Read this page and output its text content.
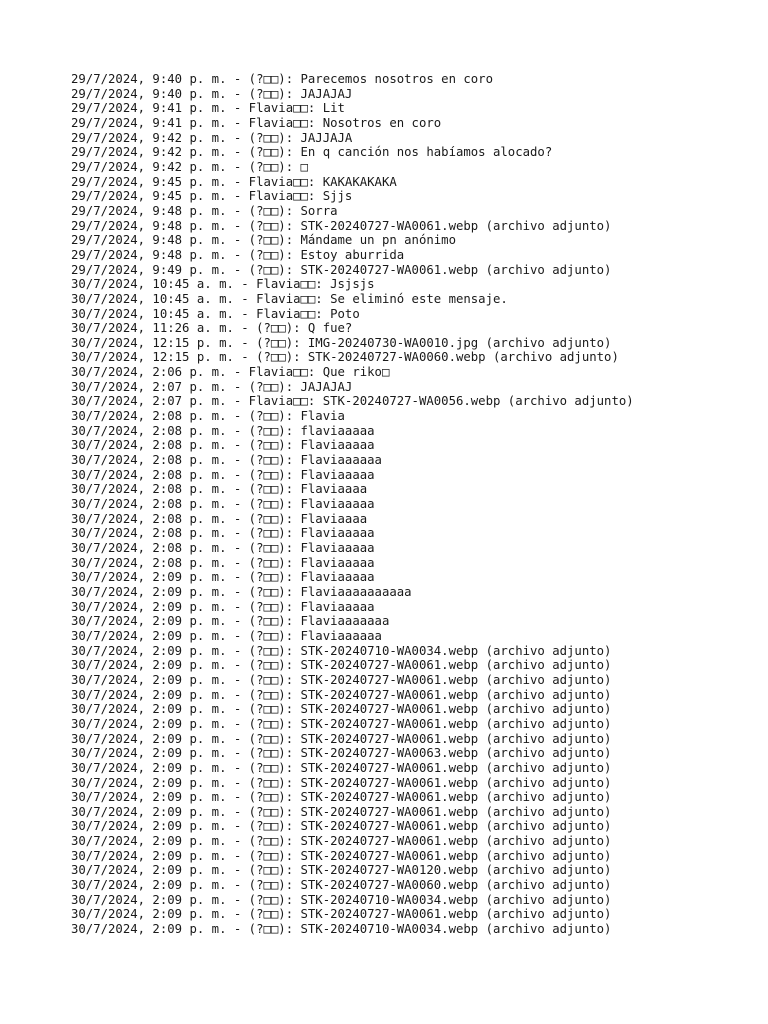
29/7/2024, 9:40 p. m. - (?□□): Parecemos nosotros en coro
29/7/2024, 9:40 p. m. - (?□□): JAJAJAJ
29/7/2024, 9:41 p. m. - Flavia□□: Lit
29/7/2024, 9:41 p. m. - Flavia□□: Nosotros en coro
29/7/2024, 9:42 p. m. - (?□□): JAJJAJA
29/7/2024, 9:42 p. m. - (?□□): En q canción nos habíamos alocado?
29/7/2024, 9:42 p. m. - (?□□): □
29/7/2024, 9:45 p. m. - Flavia□□: KAKAKAKAKA
29/7/2024, 9:45 p. m. - Flavia□□: Sjjs
29/7/2024, 9:48 p. m. - (?□□): Sorra
29/7/2024, 9:48 p. m. - (?□□): STK-20240727-WA0061.webp (archivo adjunto)
29/7/2024, 9:48 p. m. - (?□□): Mándame un pn anónimo
29/7/2024, 9:48 p. m. - (?□□): Estoy aburrida
29/7/2024, 9:49 p. m. - (?□□): STK-20240727-WA0061.webp (archivo adjunto)
30/7/2024, 10:45 a. m. - Flavia□□: Jsjsjs
30/7/2024, 10:45 a. m. - Flavia□□: Se eliminó este mensaje.
30/7/2024, 10:45 a. m. - Flavia□□: Poto
30/7/2024, 11:26 a. m. - (?□□): Q fue?
30/7/2024, 12:15 p. m. - (?□□): IMG-20240730-WA0010.jpg (archivo adjunto)
30/7/2024, 12:15 p. m. - (?□□): STK-20240727-WA0060.webp (archivo adjunto)
30/7/2024, 2:06 p. m. - Flavia□□: Que riko□
30/7/2024, 2:07 p. m. - (?□□): JAJAJAJ
30/7/2024, 2:07 p. m. - Flavia□□: STK-20240727-WA0056.webp (archivo adjunto)
30/7/2024, 2:08 p. m. - (?□□): Flavia
30/7/2024, 2:08 p. m. - (?□□): flaviaaaaa
30/7/2024, 2:08 p. m. - (?□□): Flaviaaaaa
30/7/2024, 2:08 p. m. - (?□□): Flaviaaaaaa
30/7/2024, 2:08 p. m. - (?□□): Flaviaaaaa
30/7/2024, 2:08 p. m. - (?□□): Flaviaaaa
30/7/2024, 2:08 p. m. - (?□□): Flaviaaaaa
30/7/2024, 2:08 p. m. - (?□□): Flaviaaaa
30/7/2024, 2:08 p. m. - (?□□): Flaviaaaaa
30/7/2024, 2:08 p. m. - (?□□): Flaviaaaaa
30/7/2024, 2:08 p. m. - (?□□): Flaviaaaaa
30/7/2024, 2:09 p. m. - (?□□): Flaviaaaaa
30/7/2024, 2:09 p. m. - (?□□): Flaviaaaaaaaaaa
30/7/2024, 2:09 p. m. - (?□□): Flaviaaaaa
30/7/2024, 2:09 p. m. - (?□□): Flaviaaaaaaa
30/7/2024, 2:09 p. m. - (?□□): Flaviaaaaaa
30/7/2024, 2:09 p. m. - (?□□): STK-20240710-WA0034.webp (archivo adjunto)
30/7/2024, 2:09 p. m. - (?□□): STK-20240727-WA0061.webp (archivo adjunto)
30/7/2024, 2:09 p. m. - (?□□): STK-20240727-WA0061.webp (archivo adjunto)
30/7/2024, 2:09 p. m. - (?□□): STK-20240727-WA0061.webp (archivo adjunto)
30/7/2024, 2:09 p. m. - (?□□): STK-20240727-WA0061.webp (archivo adjunto)
30/7/2024, 2:09 p. m. - (?□□): STK-20240727-WA0061.webp (archivo adjunto)
30/7/2024, 2:09 p. m. - (?□□): STK-20240727-WA0061.webp (archivo adjunto)
30/7/2024, 2:09 p. m. - (?□□): STK-20240727-WA0063.webp (archivo adjunto)
30/7/2024, 2:09 p. m. - (?□□): STK-20240727-WA0061.webp (archivo adjunto)
30/7/2024, 2:09 p. m. - (?□□): STK-20240727-WA0061.webp (archivo adjunto)
30/7/2024, 2:09 p. m. - (?□□): STK-20240727-WA0061.webp (archivo adjunto)
30/7/2024, 2:09 p. m. - (?□□): STK-20240727-WA0061.webp (archivo adjunto)
30/7/2024, 2:09 p. m. - (?□□): STK-20240727-WA0061.webp (archivo adjunto)
30/7/2024, 2:09 p. m. - (?□□): STK-20240727-WA0061.webp (archivo adjunto)
30/7/2024, 2:09 p. m. - (?□□): STK-20240727-WA0061.webp (archivo adjunto)
30/7/2024, 2:09 p. m. - (?□□): STK-20240727-WA0120.webp (archivo adjunto)
30/7/2024, 2:09 p. m. - (?□□): STK-20240727-WA0060.webp (archivo adjunto)
30/7/2024, 2:09 p. m. - (?□□): STK-20240710-WA0034.webp (archivo adjunto)
30/7/2024, 2:09 p. m. - (?□□): STK-20240727-WA0061.webp (archivo adjunto)
30/7/2024, 2:09 p. m. - (?□□): STK-20240710-WA0034.webp (archivo adjunto)
